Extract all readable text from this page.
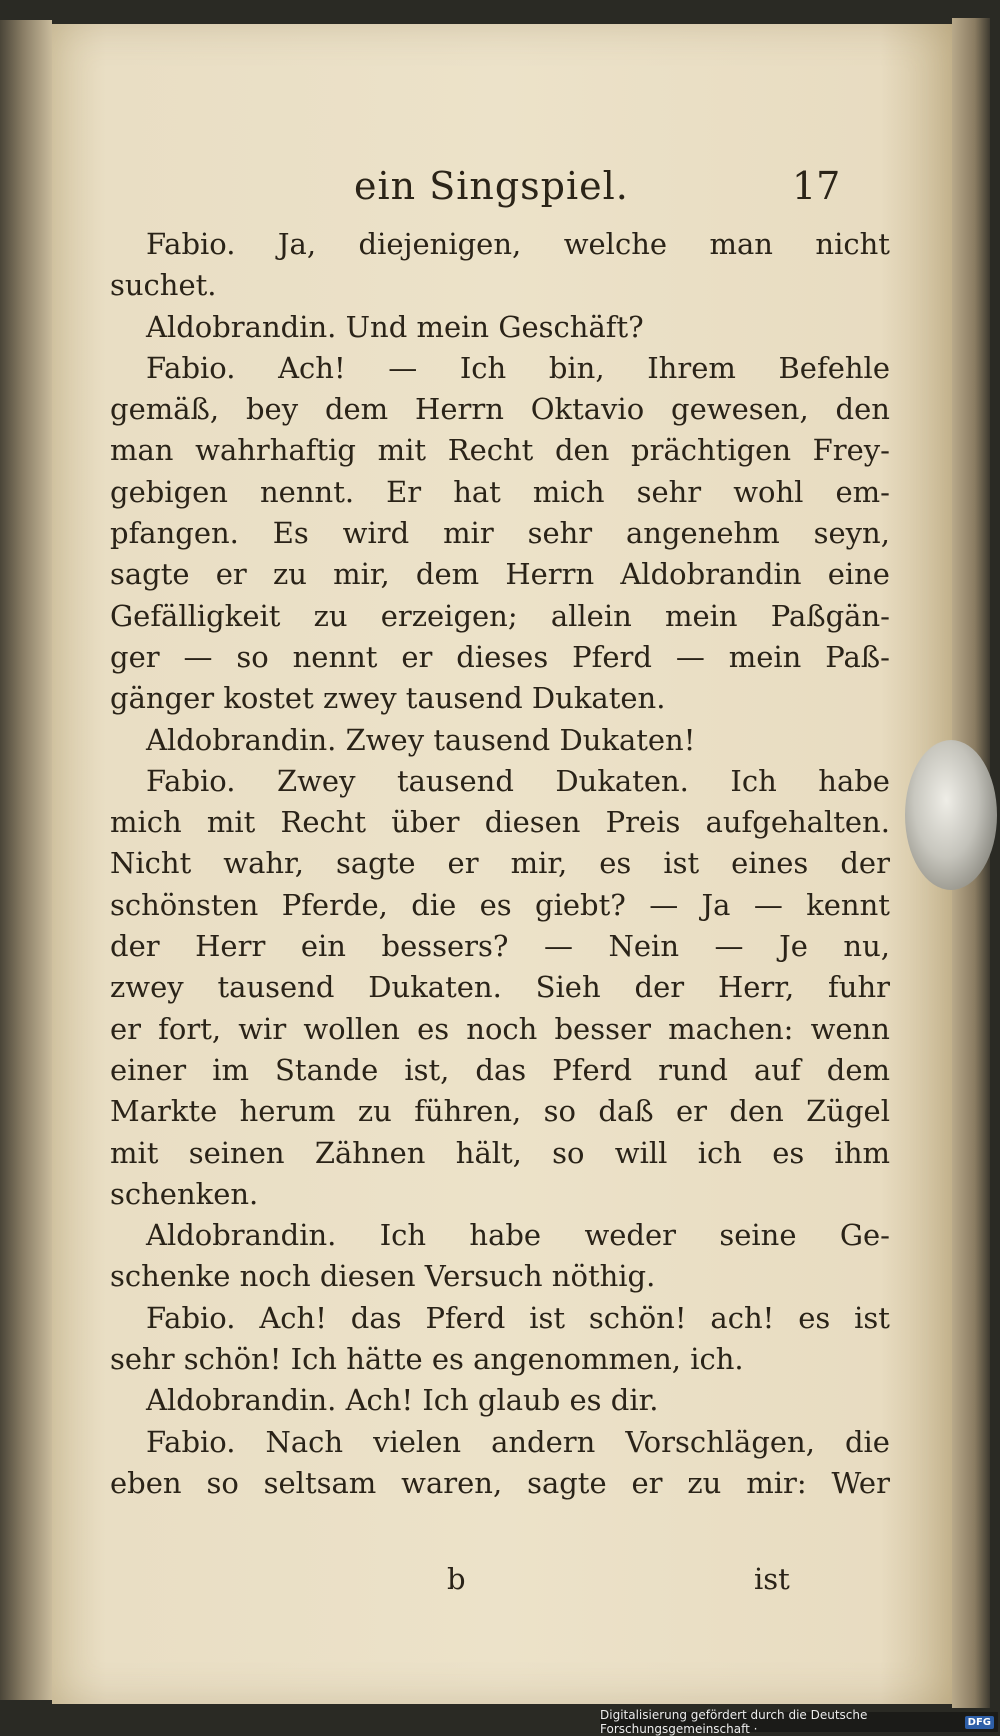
ein Singspiel.	17
Fabio. Ja, diejenigen, welche man nicht
suchet.
Aldobrandin. Und mein Geschäft?
Fabio. Ach! — Ich bin, Ihrem Befehle
gemäß, bey dem Herrn Oktavio gewesen, den
man wahrhaftig mit Recht den prächtigen Frey-
gebigen nennt. Er hat mich sehr wohl em-
pfangen. Es wird mir sehr angenehm seyn,
sagte er zu mir, dem Herrn Aldobrandin eine
Gefälligkeit zu erzeigen; allein mein Paßgän-
ger — so nennt er dieses Pferd — mein Paß-
gänger kostet zwey tausend Dukaten.
Aldobrandin. Zwey tausend Dukaten!
Fabio. Zwey tausend Dukaten. Ich habe
mich mit Recht über diesen Preis aufgehalten.
Nicht wahr, sagte er mir, es ist eines der
schönsten Pferde, die es giebt? — Ja — kennt
der Herr ein bessers? — Nein — Je nu,
zwey tausend Dukaten. Sieh der Herr, fuhr
er fort, wir wollen es noch besser machen: wenn
einer im Stande ist, das Pferd rund auf dem
Markte herum zu führen, so daß er den Zügel
mit seinen Zähnen hält, so will ich es ihm
schenken.
Aldobrandin. Ich habe weder seine Ge-
schenke noch diesen Versuch nöthig.
Fabio. Ach! das Pferd ist schön! ach! es ist
sehr schön! Ich hätte es angenommen, ich.
Aldobrandin. Ach! Ich glaub es dir.
Fabio. Nach vielen andern Vorschlägen, die
eben so seltsam waren, sagte er zu mir: Wer
b	ist
Digitalisierung gefördert durch die Deutsche Forschungsgemeinschaft ·	DFG
